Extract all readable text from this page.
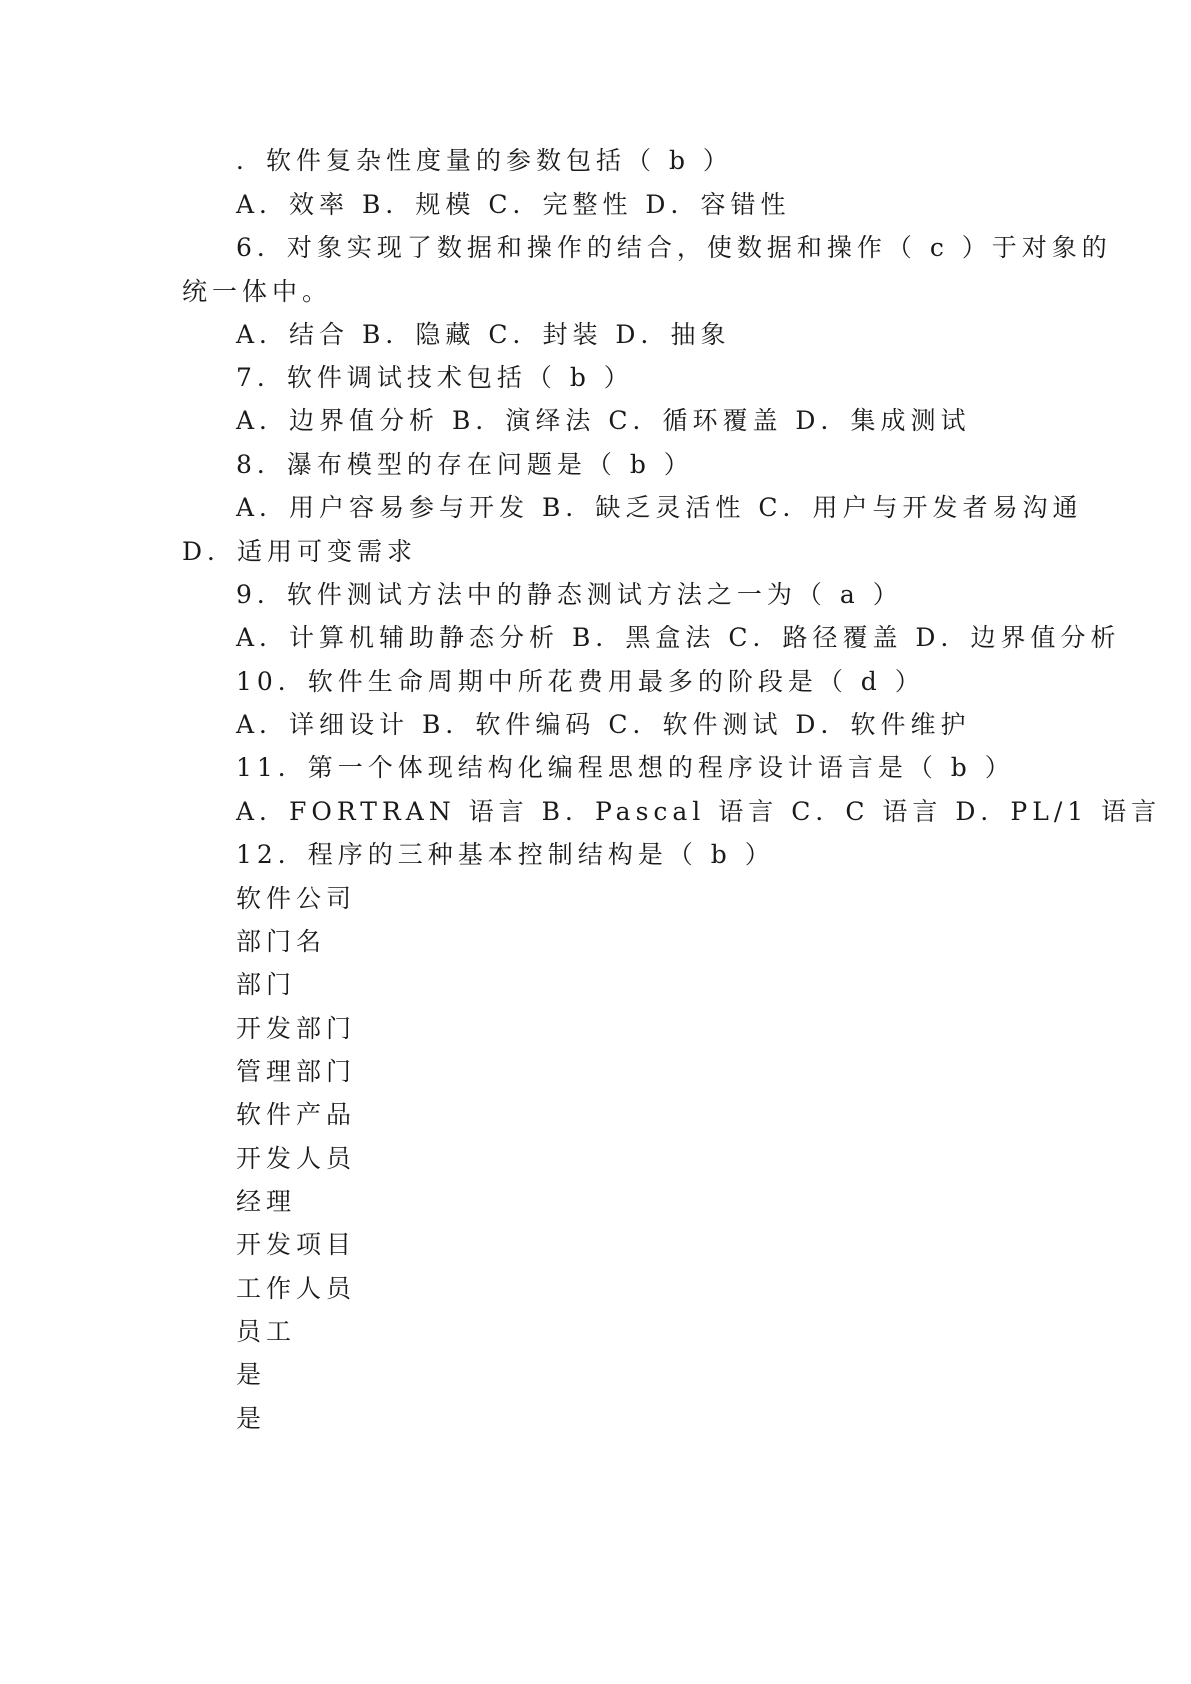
．软件复杂性度量的参数包括（ b ）
A．效率 B．规模 C．完整性 D．容错性
6．对象实现了数据和操作的结合，使数据和操作（ c ）于对象的
统一体中。
A．结合 B．隐藏 C．封装 D．抽象
7．软件调试技术包括（ b ）
A．边界值分析 B．演绎法 C．循环覆盖 D．集成测试
8．瀑布模型的存在问题是（ b ）
A．用户容易参与开发 B．缺乏灵活性 C．用户与开发者易沟通
D．适用可变需求
9．软件测试方法中的静态测试方法之一为（ a ）
A．计算机辅助静态分析 B．黑盒法 C．路径覆盖 D．边界值分析
10．软件生命周期中所花费用最多的阶段是（ d ）
A．详细设计 B．软件编码 C．软件测试 D．软件维护
11．第一个体现结构化编程思想的程序设计语言是（ b ）
A．FORTRAN 语言 B．Pascal 语言 C．C 语言 D．PL/1 语言
12．程序的三种基本控制结构是（ b ）
软件公司
部门名
部门
开发部门
管理部门
软件产品
开发人员
经理
开发项目
工作人员
员工
是
是
